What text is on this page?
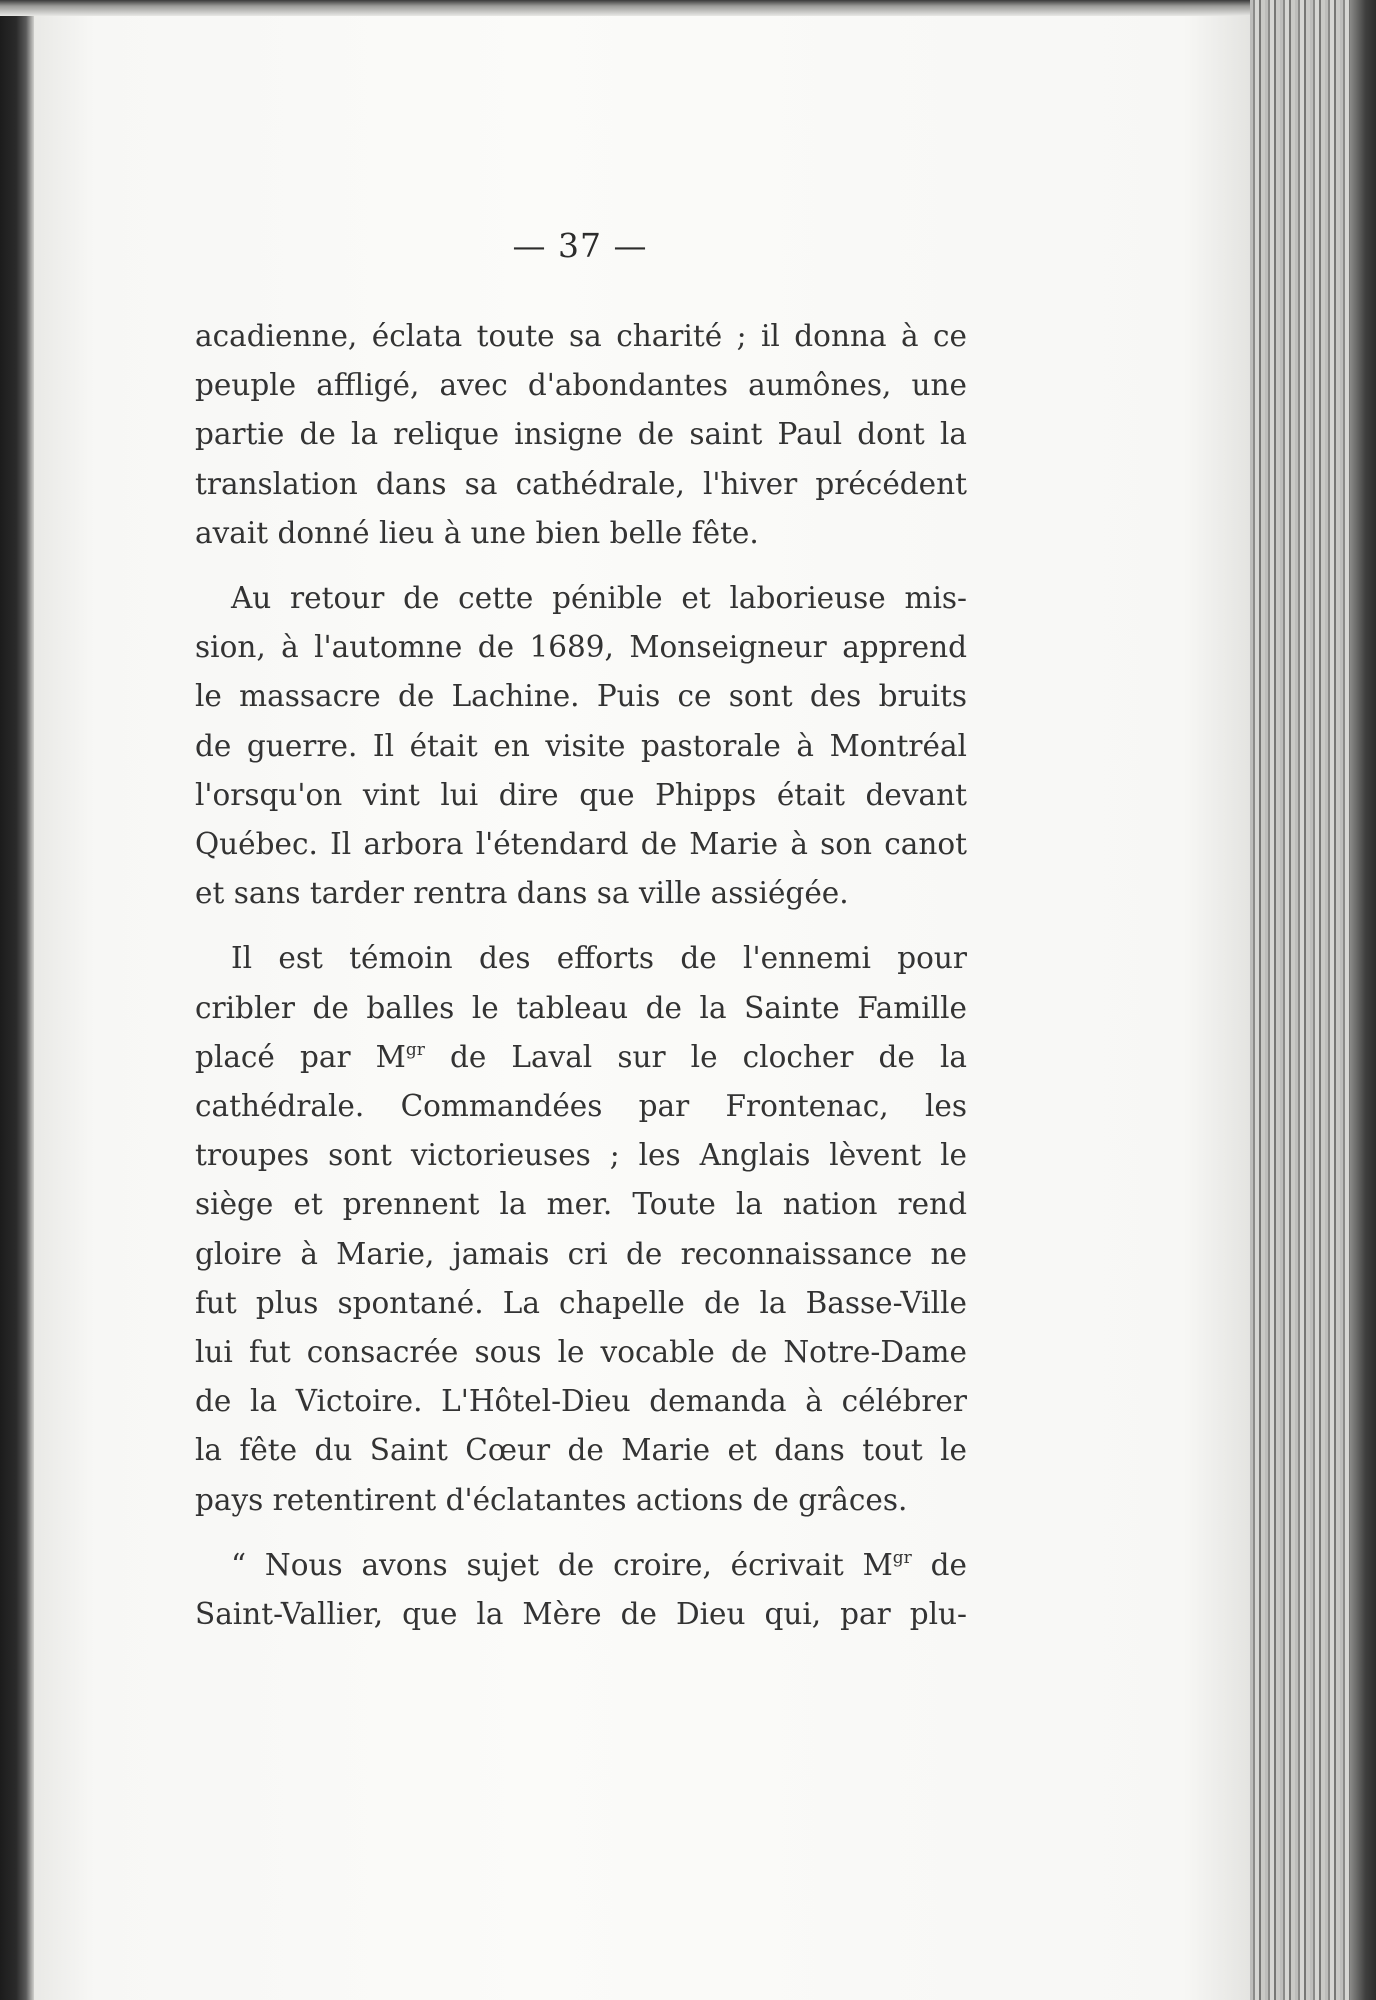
— 37 —
acadienne, éclata toute sa charité ; il donna à ce
peuple affligé, avec d'abondantes aumônes, une
partie de la relique insigne de saint Paul dont la
translation dans sa cathédrale, l'hiver précédent
avait donné lieu à une bien belle fête.
Au retour de cette pénible et laborieuse mis-
sion, à l'automne de 1689, Monseigneur apprend
le massacre de Lachine. Puis ce sont des bruits
de guerre. Il était en visite pastorale à Montréal
l'orsqu'on vint lui dire que Phipps était devant
Québec. Il arbora l'étendard de Marie à son canot
et sans tarder rentra dans sa ville assiégée.
Il est témoin des efforts de l'ennemi pour
cribler de balles le tableau de la Sainte Famille
placé par $M^{gr}$ de Laval sur le clocher de la
cathédrale. Commandées par Frontenac, les
troupes sont victorieuses ; les Anglais lèvent le
siège et prennent la mer. Toute la nation rend
gloire à Marie, jamais cri de reconnaissance ne
fut plus spontané. La chapelle de la Basse-Ville
lui fut consacrée sous le vocable de Notre-Dame
de la Victoire. L'Hôtel-Dieu demanda à célébrer
la fête du Saint Cœur de Marie et dans tout le
pays retentirent d'éclatantes actions de grâces.
“ Nous avons sujet de croire, écrivait $M^{gr}$ de
Saint-Vallier, que la Mère de Dieu qui, par plu-
